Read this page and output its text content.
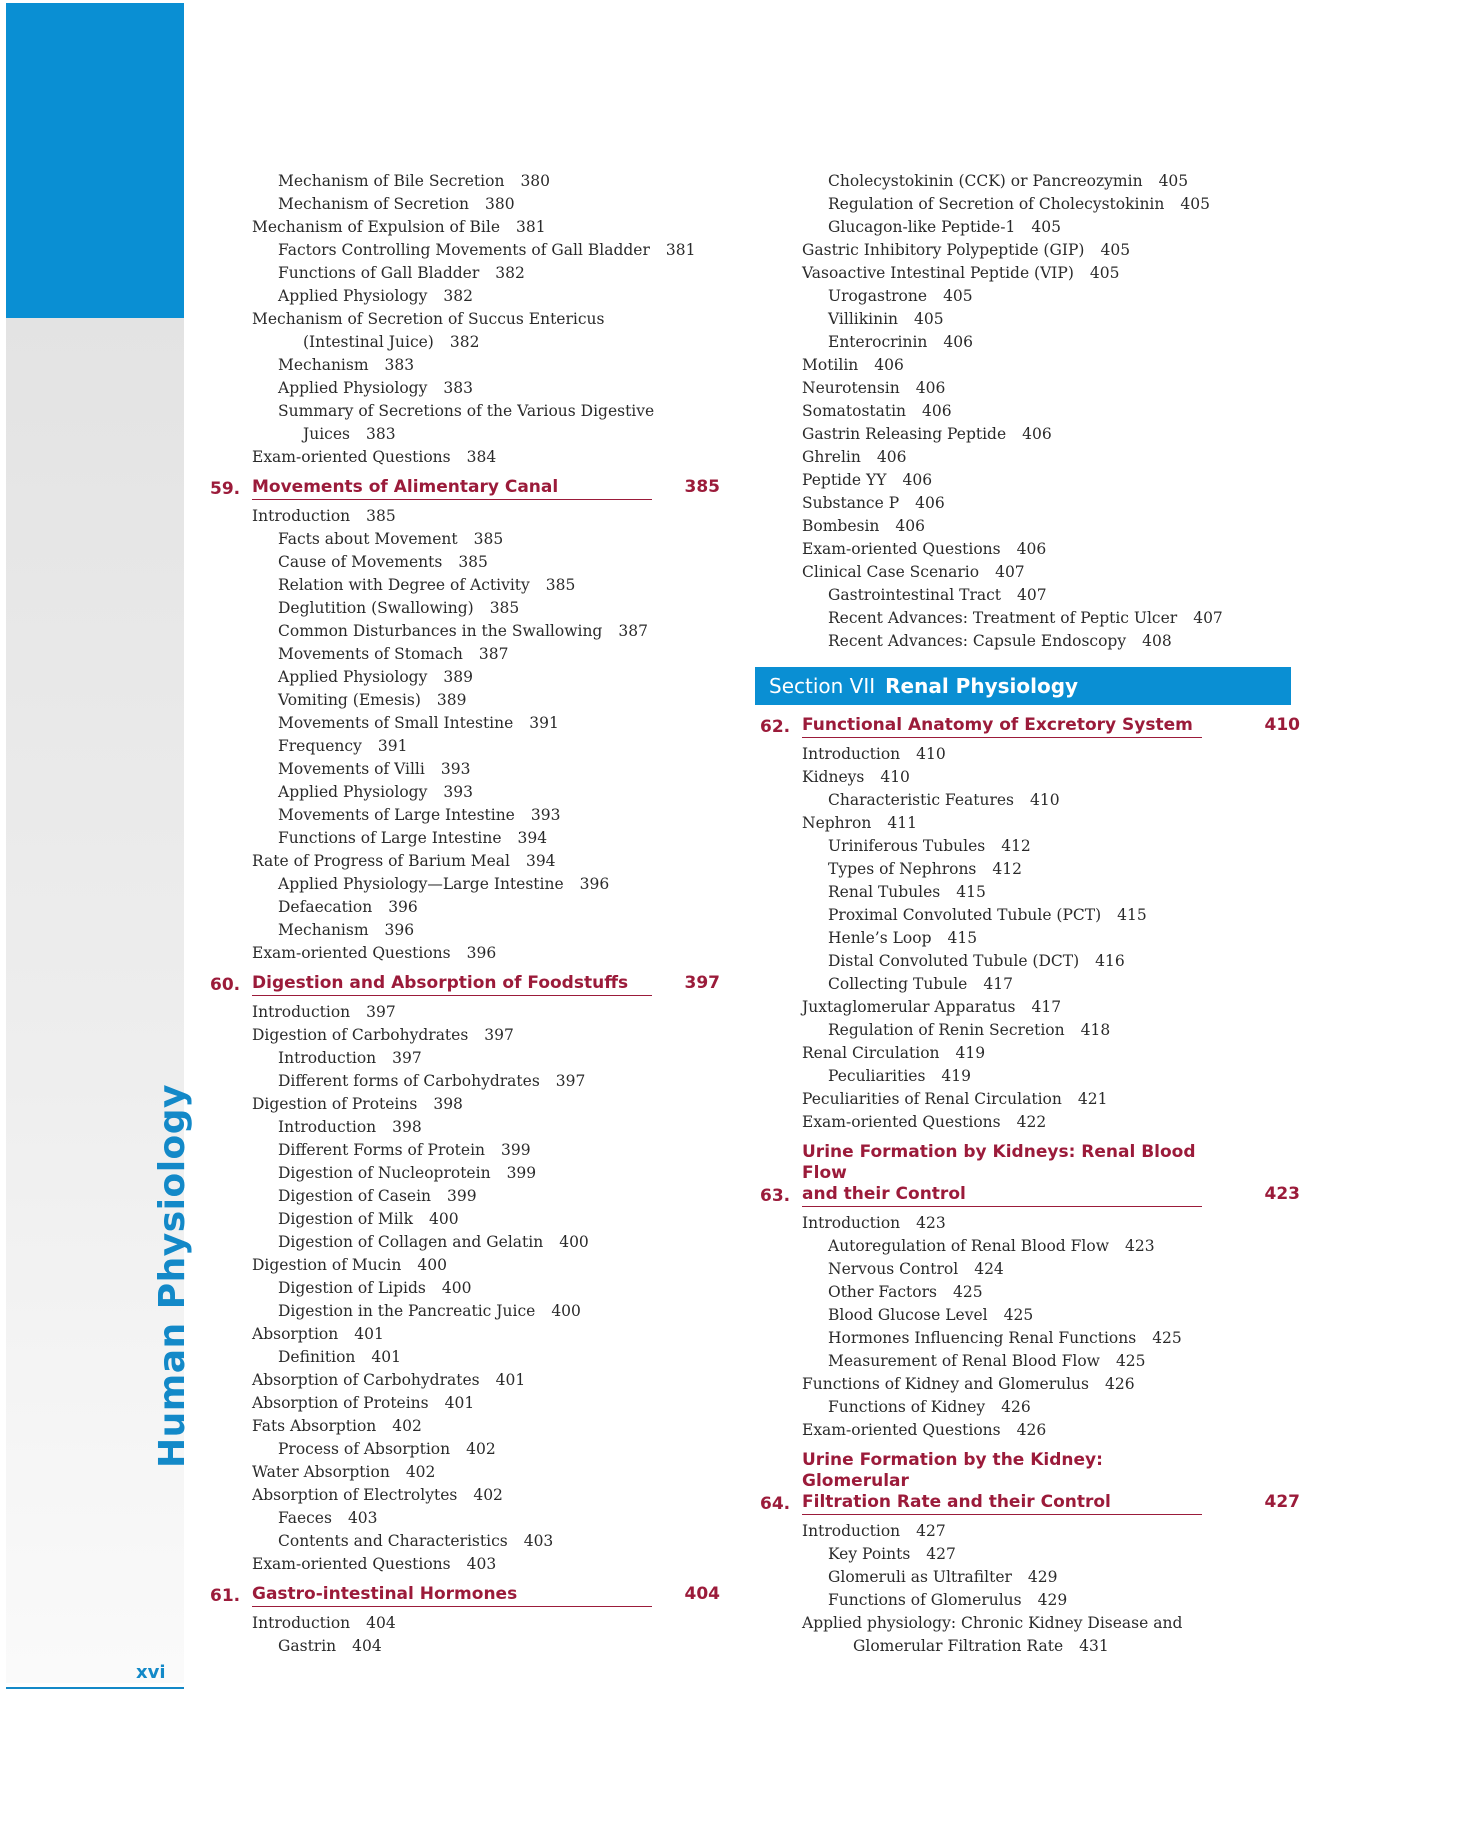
Human Physiology
xvi
Mechanism of Bile Secretion 380
Mechanism of Secretion 380
Mechanism of Expulsion of Bile 381
Factors Controlling Movements of Gall Bladder 381
Functions of Gall Bladder 382
Applied Physiology 382
Mechanism of Secretion of Succus Entericus
(Intestinal Juice) 382
Mechanism 383
Applied Physiology 383
Summary of Secretions of the Various Digestive
Juices 383
Exam-oriented Questions 384
59. Movements of Alimentary Canal	385
Introduction 385
Facts about Movement 385
Cause of Movements 385
Relation with Degree of Activity 385
Deglutition (Swallowing) 385
Common Disturbances in the Swallowing 387
Movements of Stomach 387
Applied Physiology 389
Vomiting (Emesis) 389
Movements of Small Intestine 391
Frequency 391
Movements of Villi 393
Applied Physiology 393
Movements of Large Intestine 393
Functions of Large Intestine 394
Rate of Progress of Barium Meal 394
Applied Physiology—Large Intestine 396
Defaecation 396
Mechanism 396
Exam-oriented Questions 396
60. Digestion and Absorption of Foodstuffs	397
Introduction 397
Digestion of Carbohydrates 397
Introduction 397
Different forms of Carbohydrates 397
Digestion of Proteins 398
Introduction 398
Different Forms of Protein 399
Digestion of Nucleoprotein 399
Digestion of Casein 399
Digestion of Milk 400
Digestion of Collagen and Gelatin 400
Digestion of Mucin 400
Digestion of Lipids 400
Digestion in the Pancreatic Juice 400
Absorption 401
Definition 401
Absorption of Carbohydrates 401
Absorption of Proteins 401
Fats Absorption 402
Process of Absorption 402
Water Absorption 402
Absorption of Electrolytes 402
Faeces 403
Contents and Characteristics 403
Exam-oriented Questions 403
61. Gastro-intestinal Hormones	404
Introduction 404
Gastrin 404
Cholecystokinin (CCK) or Pancreozymin 405
Regulation of Secretion of Cholecystokinin 405
Glucagon-like Peptide-1 405
Gastric Inhibitory Polypeptide (GIP) 405
Vasoactive Intestinal Peptide (VIP) 405
Urogastrone 405
Villikinin 405
Enterocrinin 406
Motilin 406
Neurotensin 406
Somatostatin 406
Gastrin Releasing Peptide 406
Ghrelin 406
Peptide YY 406
Substance P 406
Bombesin 406
Exam-oriented Questions 406
Clinical Case Scenario 407
Gastrointestinal Tract 407
Recent Advances: Treatment of Peptic Ulcer 407
Recent Advances: Capsule Endoscopy 408
Section VII Renal Physiology
62. Functional Anatomy of Excretory System	410
Introduction 410
Kidneys 410
Characteristic Features 410
Nephron 411
Uriniferous Tubules 412
Types of Nephrons 412
Renal Tubules 415
Proximal Convoluted Tubule (PCT) 415
Henle’s Loop 415
Distal Convoluted Tubule (DCT) 416
Collecting Tubule 417
Juxtaglomerular Apparatus 417
Regulation of Renin Secretion 418
Renal Circulation 419
Peculiarities 419
Peculiarities of Renal Circulation 421
Exam-oriented Questions 422
63.
Urine Formation by Kidneys: Renal Blood Flow
and their Control	423
Introduction 423
Autoregulation of Renal Blood Flow 423
Nervous Control 424
Other Factors 425
Blood Glucose Level 425
Hormones Influencing Renal Functions 425
Measurement of Renal Blood Flow 425
Functions of Kidney and Glomerulus 426
Functions of Kidney 426
Exam-oriented Questions 426
64.
Urine Formation by the Kidney: Glomerular
Filtration Rate and their Control	427
Introduction 427
Key Points 427
Glomeruli as Ultrafilter 429
Functions of Glomerulus 429
Applied physiology: Chronic Kidney Disease and
Glomerular Filtration Rate 431
